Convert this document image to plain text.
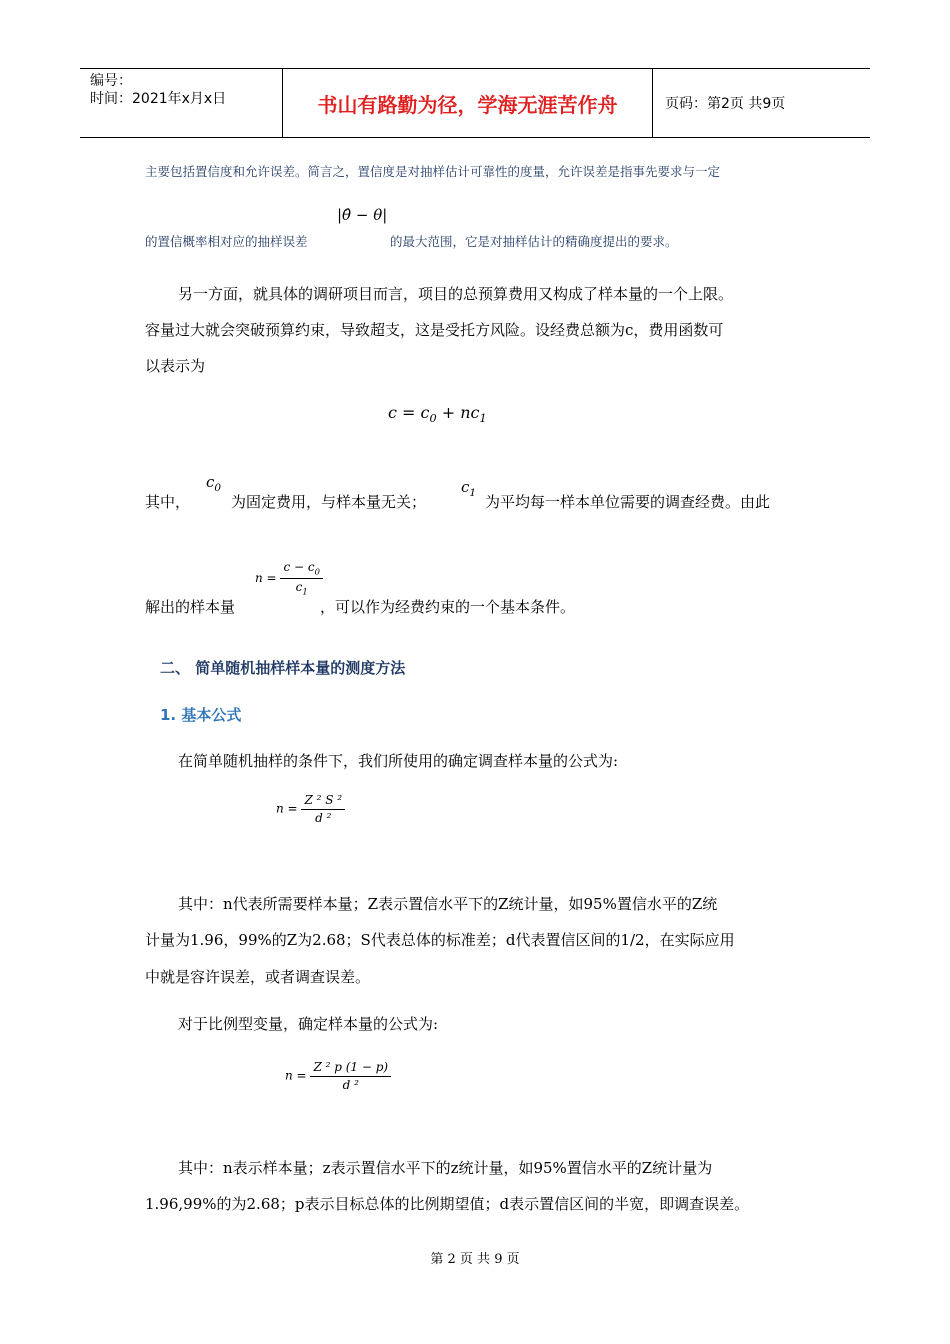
编号：
时间：2021年x月x日	书山有路勤为径，学海无涯苦作舟	页码：第2页 共9页
主要包括置信度和允许误差。简言之，置信度是对抽样估计可靠性的度量，允许误差是指事先要求与一定
的置信概率相对应的抽样误差
|θ̂ − θ|
的最大范围，它是对抽样估计的精确度提出的要求。
另一方面，就具体的调研项目而言，项目的总预算费用又构成了样本量的一个上限。
容量过大就会突破预算约束，导致超支，这是受托方风险。设经费总额为c，费用函数可
以表示为
$c = c_0 + nc_1$
其中，
$c_0$
为固定费用，与样本量无关；
$c_1$ 为平均每一样本单位需要的调查经费。由此
$n = \frac{c - c_0}{c_1}$
解出的样本量	，可以作为经费约束的一个基本条件。
二、 简单随机抽样样本量的测度方法
1. 基本公式
在简单随机抽样的条件下，我们所使用的确定调查样本量的公式为:
$n = \frac{\text{Z ² S ²}}{\text{d ²}}$
其中：n代表所需要样本量；Z表示置信水平下的Z统计量，如95%置信水平的Z统
计量为1.96，99%的Z为2.68；S代表总体的标准差；d代表置信区间的1/2，在实际应用
中就是容许误差，或者调查误差。
对于比例型变量，确定样本量的公式为:
$n = \frac{\text{Z ² p (1 − p)}}{\text{d ²}}$
其中：n表示样本量；z表示置信水平下的z统计量，如95%置信水平的Z统计量为
1.96,99%的为2.68；p表示目标总体的比例期望值；d表示置信区间的半宽，即调查误差。
第 2 页 共 9 页
